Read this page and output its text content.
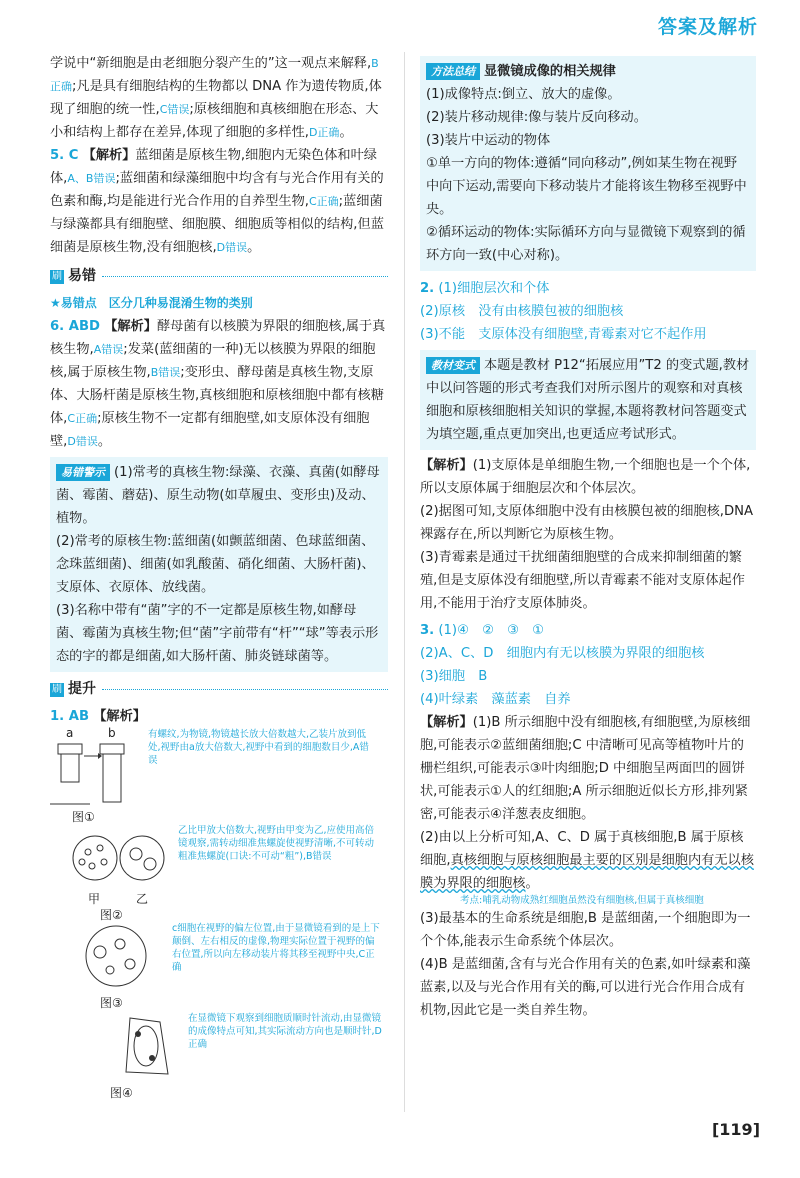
答案及解析

学说中“新细胞是由老细胞分裂产生的”这一观点来解释,B正确;凡是具有细胞结构的生物都以 DNA 作为遗传物质,体现了细胞的统一性,C错误;原核细胞和真核细胞在形态、大小和结构上都存在差异,体现了细胞的多样性,D正确。

5. C 【解析】蓝细菌是原核生物,细胞内无染色体和叶绿体,A、B错误;蓝细菌和绿藻细胞中均含有与光合作用有关的色素和酶,均是能进行光合作用的自养型生物,C正确;蓝细菌与绿藻都具有细胞壁、细胞膜、细胞质等相似的结构,但蓝细菌是原核生物,没有细胞核,D错误。

刷 易错
★易错点　区分几种易混淆生物的类别

6. ABD 【解析】酵母菌有以核膜为界限的细胞核,属于真核生物,A错误;发菜(蓝细菌的一种)无以核膜为界限的细胞核,属于原核生物,B错误;变形虫、酵母菌是真核生物,支原体、大肠杆菌是原核生物,真核细胞和原核细胞中都有核糖体,C正确;原核生物不一定都有细胞壁,如支原体没有细胞壁,D错误。

易错警示 (1)常考的真核生物:绿藻、衣藻、真菌(如酵母菌、霉菌、蘑菇)、原生动物(如草履虫、变形虫)及动、植物。
(2)常考的原核生物:蓝细菌(如颤蓝细菌、色球蓝细菌、念珠蓝细菌)、细菌(如乳酸菌、硝化细菌、大肠杆菌)、支原体、衣原体、放线菌。
(3)名称中带有“菌”字的不一定都是原核生物,如酵母菌、霉菌为真核生物;但“菌”字前带有“杆”“球”等表示形态的字的都是细菌,如大肠杆菌、肺炎链球菌等。
刷 提升

1. AB 【解析】

a	b	有螺纹,为物镜,物镜越长放大倍数越大,乙装片放到低处,视野由a放大倍数大,视野中看到的细胞数目少,A错误
图①
乙比甲放大倍数大,视野由甲变为乙,应使用高倍镜观察,需转动细准焦螺旋使视野清晰,不可转动粗准焦螺旋(口诀:不可动“粗”),B错误
甲	乙
图②
c细胞在视野的偏左位置,由于显微镜看到的是上下颠倒、左右相反的虚像,物理实际位置于视野的偏右位置,所以向左移动装片将其移至视野中央,C正确
图③
在显微镜下观察到细胞质顺时针流动,由显微镜的成像特点可知,其实际流动方向也是顺时针,D正确
图④
方法总结 显微镜成像的相关规律
(1)成像特点:倒立、放大的虚像。
(2)装片移动规律:像与装片反向移动。
(3)装片中运动的物体
①单一方向的物体:遵循“同向移动”,例如某生物在视野中向下运动,需要向下移动装片才能将该生物移至视野中央。
②循环运动的物体:实际循环方向与显微镜下观察到的循环方向一致(中心对称)。
2. (1)细胞层次和个体
(2)原核　没有由核膜包被的细胞核
(3)不能　支原体没有细胞壁,青霉素对它不起作用
教材变式 本题是教材 P12“拓展应用”T2 的变式题,教材中以问答题的形式考查我们对所示图片的观察和对真核细胞和原核细胞相关知识的掌握,本题将教材问答题变式为填空题,重点更加突出,也更适应考试形式。

【解析】(1)支原体是单细胞生物,一个细胞也是一个个体,所以支原体属于细胞层次和个体层次。

(2)据图可知,支原体细胞中没有由核膜包被的细胞核,DNA裸露存在,所以判断它为原核生物。

(3)青霉素是通过干扰细菌细胞壁的合成来抑制细菌的繁殖,但是支原体没有细胞壁,所以青霉素不能对支原体起作用,不能用于治疗支原体肺炎。

3. (1)④　②　③　①
(2)A、C、D　细胞内有无以核膜为界限的细胞核
(3)细胞　B
(4)叶绿素　藻蓝素　自养

【解析】(1)B 所示细胞中没有细胞核,有细胞壁,为原核细胞,可能表示②蓝细菌细胞;C 中清晰可见高等植物叶片的栅栏组织,可能表示③叶肉细胞;D 中细胞呈两面凹的圆饼状,可能表示①人的红细胞;A 所示细胞近似长方形,排列紧密,可能表示④洋葱表皮细胞。

(2)由以上分析可知,A、C、D 属于真核细胞,B 属于原核细胞,真核细胞与原核细胞最主要的区别是细胞内有无以核膜为界限的细胞核。

考点:哺乳动物成熟红细胞虽然没有细胞核,但属于真核细胞

(3)最基本的生命系统是细胞,B 是蓝细菌,一个细胞即为一个个体,能表示生命系统个体层次。

(4)B 是蓝细菌,含有与光合作用有关的色素,如叶绿素和藻蓝素,以及与光合作用有关的酶,可以进行光合作用合成有机物,因此它是一类自养生物。

[119]
